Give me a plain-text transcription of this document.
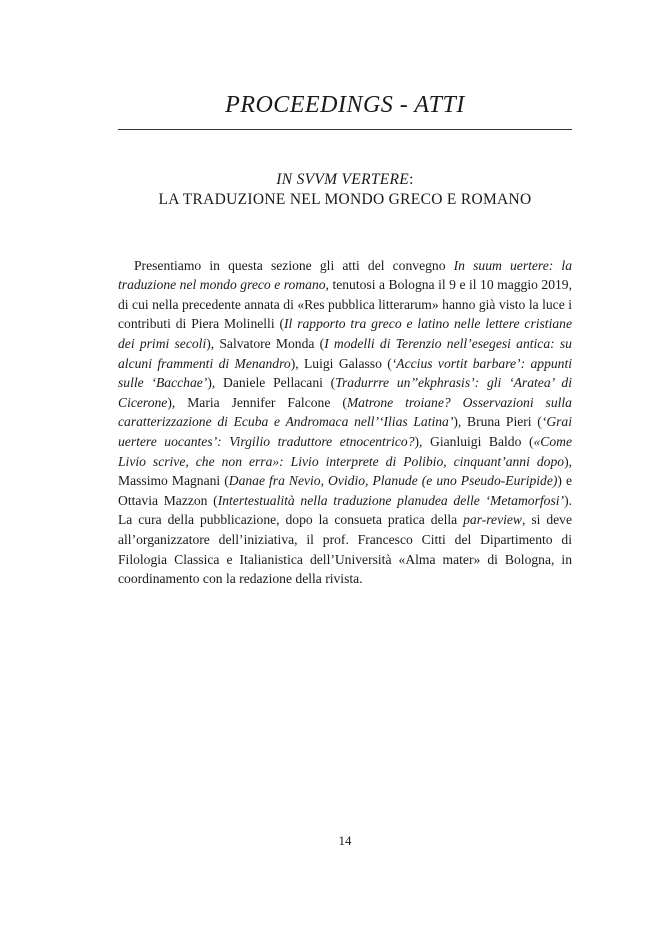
PROCEEDINGS - ATTI
IN SVVM VERTERE:
LA TRADUZIONE NEL MONDO GRECO E ROMANO

Presentiamo in questa sezione gli atti del convegno In suum uertere: la traduzione nel mondo greco e romano, tenutosi a Bologna il 9 e il 10 maggio 2019, di cui nella precedente annata di «Res pubblica litterarum» hanno già visto la luce i contributi di Piera Molinelli (Il rapporto tra greco e latino nelle lettere cristiane dei primi secoli), Salvatore Monda (I modelli di Terenzio nell’esegesi antica: su alcuni frammenti di Menandro), Luigi Galasso (‘Accius vortit barbare’: appunti sulle ‘Bacchae’), Daniele Pellacani (Tradurrre un’’ekphrasis’: gli ‘Aratea’ di Cicerone), Maria Jennifer Falcone (Matrone troiane? Osservazioni sulla caratterizzazione di Ecuba e Andromaca nell’‘Ilias Latina’), Bruna Pieri (‘Grai uertere uocantes’: Virgilio traduttore etnocentrico?), Gianluigi Baldo («Come Livio scrive, che non erra»: Livio interprete di Polibio, cinquant’anni dopo), Massimo Magnani (Danae fra Nevio, Ovidio, Planude (e uno Pseudo-Euripide)) e Ottavia Mazzon (Intertestualità nella traduzione planudea delle ‘Metamorfosi’). La cura della pubblicazione, dopo la consueta pratica della par-review, si deve all’organizzatore dell’iniziativa, il prof. Francesco Citti del Dipartimento di Filologia Classica e Italianistica dell’Università «Alma mater» di Bologna, in coordinamento con la redazione della rivista.

14
